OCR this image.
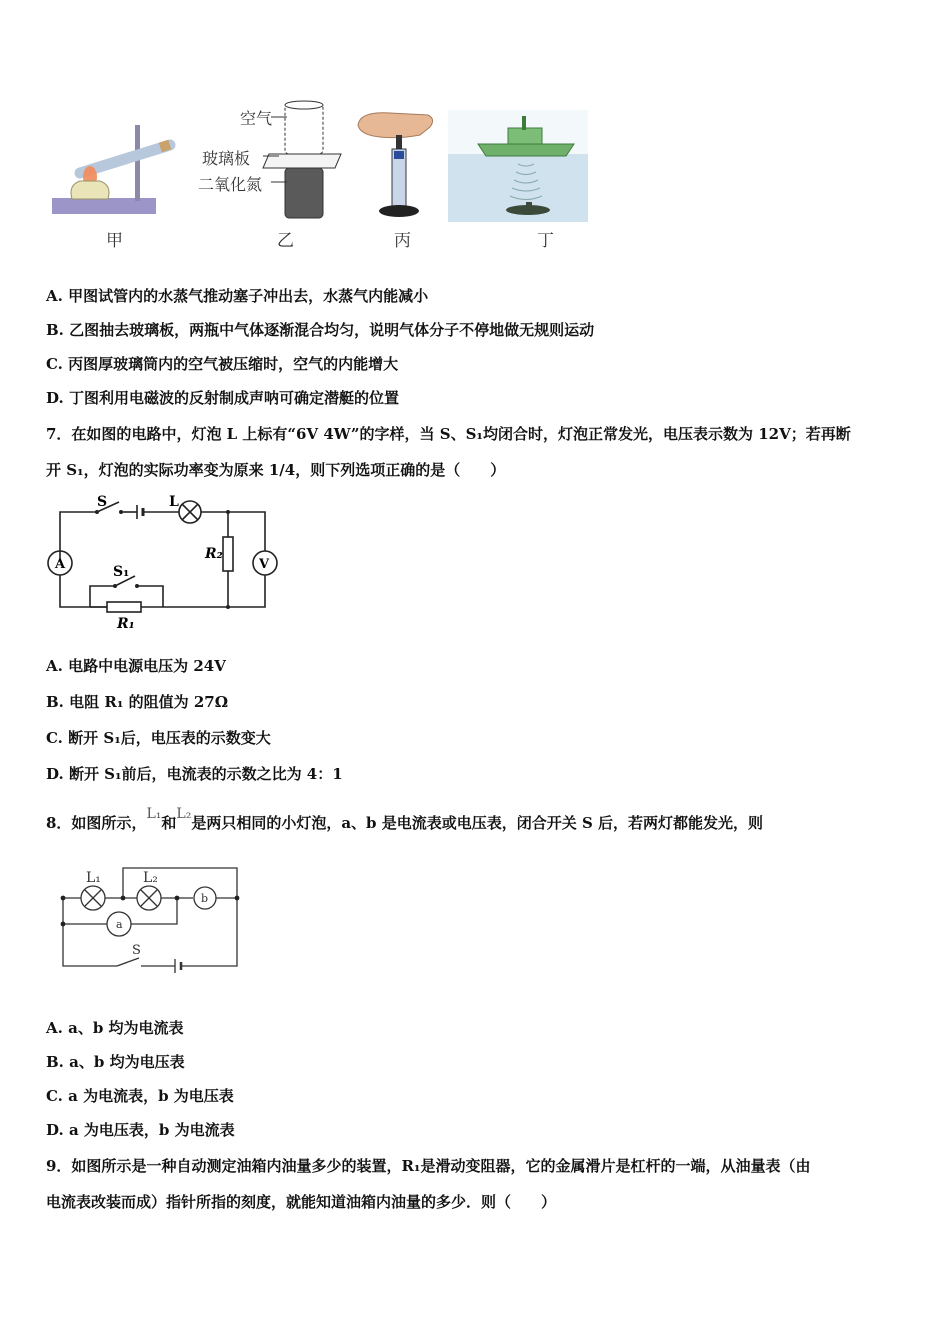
甲
空气
玻璃板
二氧化氮
乙	丙	丁
A. 甲图试管内的水蒸气推动塞子冲出去，水蒸气内能减小
B. 乙图抽去玻璃板，两瓶中气体逐渐混合均匀，说明气体分子不停地做无规则运动
C. 丙图厚玻璃筒内的空气被压缩时，空气的内能增大
D. 丁图利用电磁波的反射制成声呐可确定潜艇的位置
7．在如图的电路中，灯泡 L 上标有“6V 4W”的字样，当 S、S₁均闭合时，灯泡正常发光，电压表示数为 12V；若再断
开 S₁，灯泡的实际功率变为原来 1/4，则下列选项正确的是（　　）
S	L
A	V
S₁
R₂
R₁
A. 电路中电源电压为 24V
B. 电阻 R₁ 的阻值为 27Ω
C. 断开 S₁后，电压表的示数变大
D. 断开 S₁前后，电流表的示数之比为 4：1
8．如图所示，L₁和L₂是两只相同的小灯泡，a、b 是电流表或电压表，闭合开关 S 后，若两灯都能发光，则
L₁	L₂
a
b
S
A. a、b 均为电流表
B. a、b 均为电压表
C. a 为电流表，b 为电压表
D. a 为电压表，b 为电流表
9．如图所示是一种自动测定油箱内油量多少的装置，R₁是滑动变阻器，它的金属滑片是杠杆的一端，从油量表（由
电流表改装而成）指针所指的刻度，就能知道油箱内油量的多少．则（　　）
